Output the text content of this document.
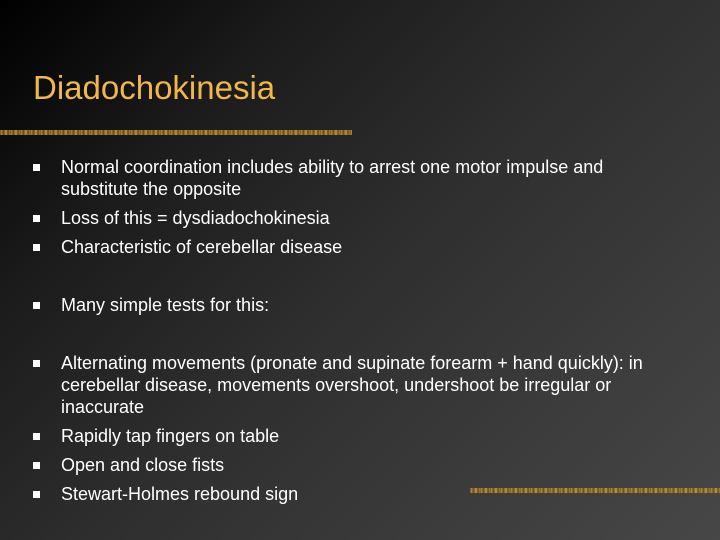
Diadochokinesia
Normal coordination includes ability to arrest one motor impulse and substitute the opposite
Loss of this = dysdiadochokinesia
Characteristic of cerebellar disease
Many simple tests for this:
Alternating movements (pronate and supinate forearm + hand quickly): in cerebellar disease, movements overshoot, undershoot be irregular or inaccurate
Rapidly tap fingers on table
Open and close fists
Stewart-Holmes rebound sign
